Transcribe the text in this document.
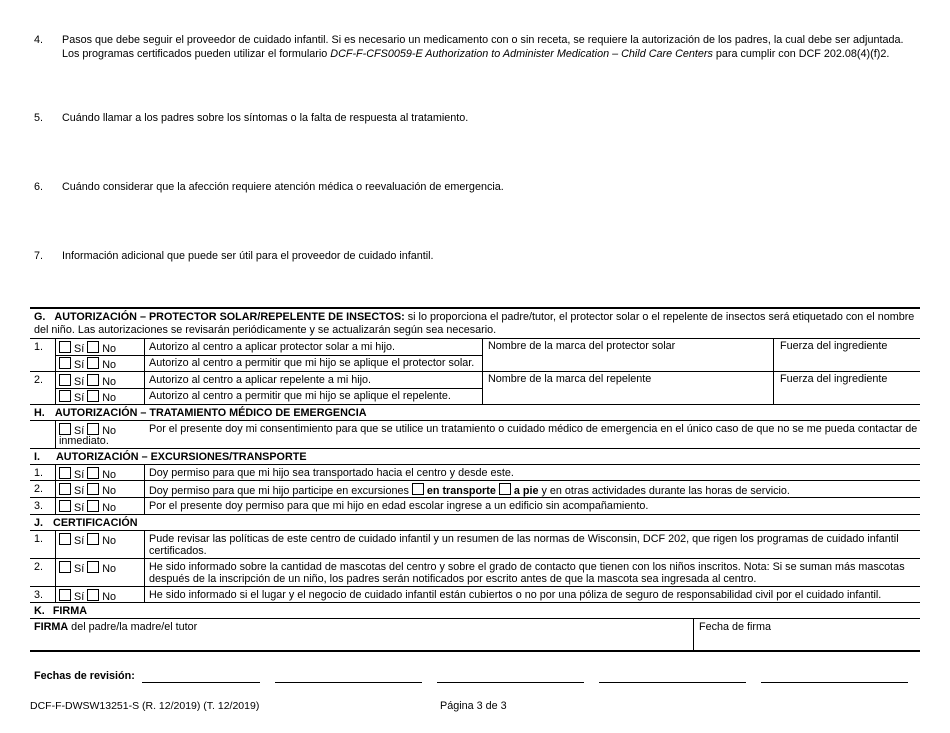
4. Pasos que debe seguir el proveedor de cuidado infantil. Si es necesario un medicamento con o sin receta, se requiere la autorización de los padres, la cual debe ser adjuntada.
Los programas certificados pueden utilizar el formulario DCF-F-CFS0059-E Authorization to Administer Medication – Child Care Centers para cumplir con DCF 202.08(4)(f)2.
5. Cuándo llamar a los padres sobre los síntomas o la falta de respuesta al tratamiento.
6. Cuándo considerar que la afección requiere atención médica o reevaluación de emergencia.
7. Información adicional que puede ser útil para el proveedor de cuidado infantil.
G. AUTORIZACIÓN – PROTECTOR SOLAR/REPELENTE DE INSECTOS: si lo proporciona el padre/tutor, el protector solar o el repelente de insectos será etiquetado con el nombre del niño. Las autorizaciones se revisarán periódicamente y se actualizarán según sea necesario.
1.	Sí No	Autorizo al centro a aplicar protector solar a mi hijo.
Sí No	Autorizo al centro a permitir que mi hijo se aplique el protector solar.
Nombre de la marca del protector solar	Fuerza del ingrediente
2.	Sí No	Autorizo al centro a aplicar repelente a mi hijo.
Sí No	Autorizo al centro a permitir que mi hijo se aplique el repelente.
Nombre de la marca del repelente	Fuerza del ingrediente
H. AUTORIZACIÓN – TRATAMIENTO MÉDICO DE EMERGENCIA
Sí No	Por el presente doy mi consentimiento para que se utilice un tratamiento o cuidado médico de emergencia en el único caso de que no se me pueda contactar de
inmediato.
I. AUTORIZACIÓN – EXCURSIONES/TRANSPORTE
1.	Sí No	Doy permiso para que mi hijo sea transportado hacia el centro y desde este.
2.	Sí No	Doy permiso para que mi hijo participe en excursiones en transporte a pie y en otras actividades durante las horas de servicio.
3.	Sí No	Por el presente doy permiso para que mi hijo en edad escolar ingrese a un edificio sin acompañamiento.
J. CERTIFICACIÓN
1.	Sí No	Pude revisar las políticas de este centro de cuidado infantil y un resumen de las normas de Wisconsin, DCF 202, que rigen los programas de cuidado infantil
certificados.
2.	Sí No	He sido informado sobre la cantidad de mascotas del centro y sobre el grado de contacto que tienen con los niños inscritos. Nota: Si se suman más mascotas
después de la inscripción de un niño, los padres serán notificados por escrito antes de que la mascota sea ingresada al centro.
3.	Sí No	He sido informado si el lugar y el negocio de cuidado infantil están cubiertos o no por una póliza de seguro de responsabilidad civil por el cuidado infantil.
K. FIRMA
FIRMA del padre/la madre/el tutor	Fecha de firma
Fechas de revisión:
DCF-F-DWSW13251-S (R. 12/2019) (T. 12/2019)	Página 3 de 3
